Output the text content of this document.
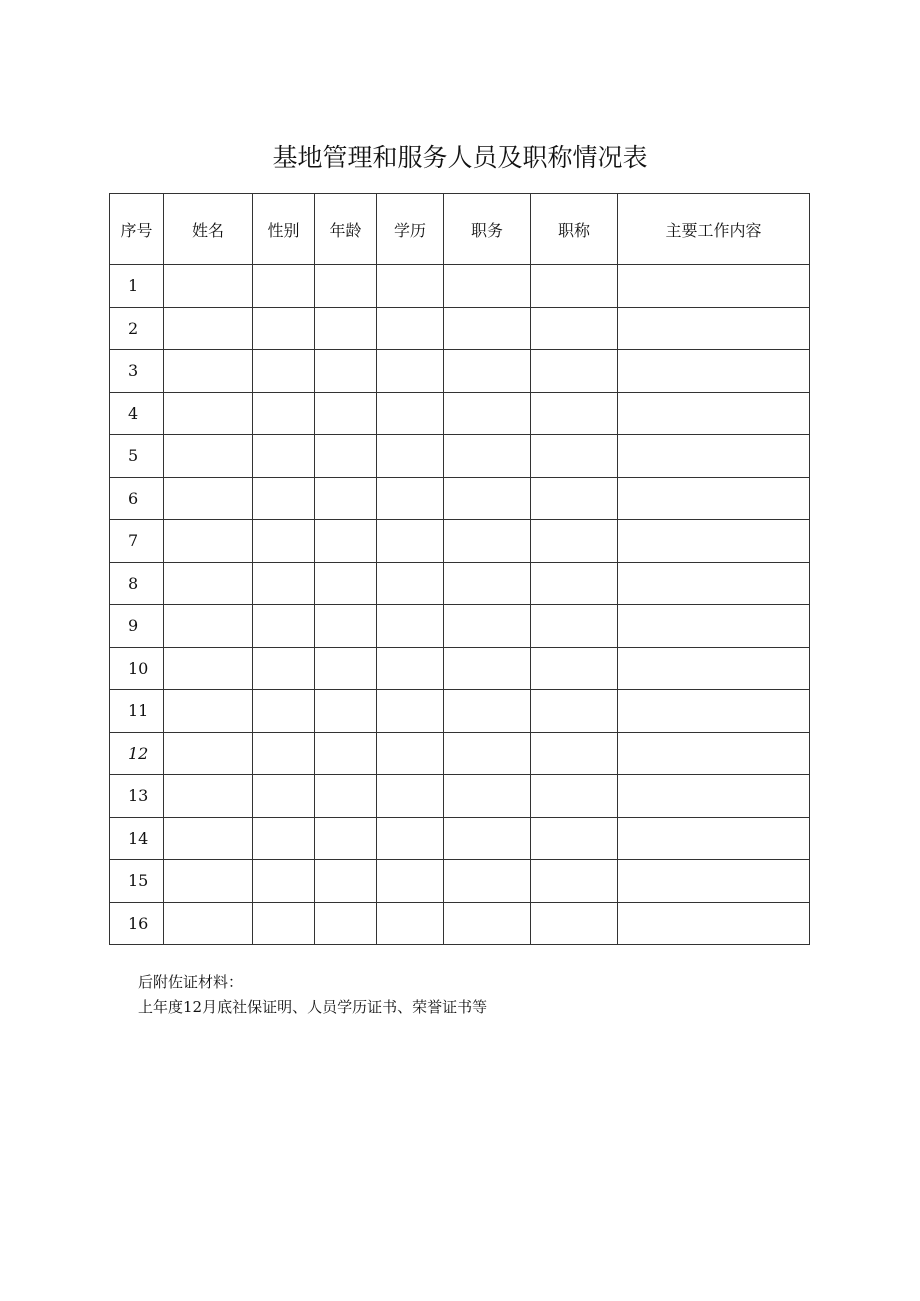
基地管理和服务人员及职称情况表
序号	姓名	性别	年龄	学历	职务	职称	主要工作内容
1							
2							
3							
4							
5							
6							
7							
8							
9							
10							
11							
12							
13							
14							
15							
16							
后附佐证材料：
上年度12月底社保证明、人员学历证书、荣誉证书等
